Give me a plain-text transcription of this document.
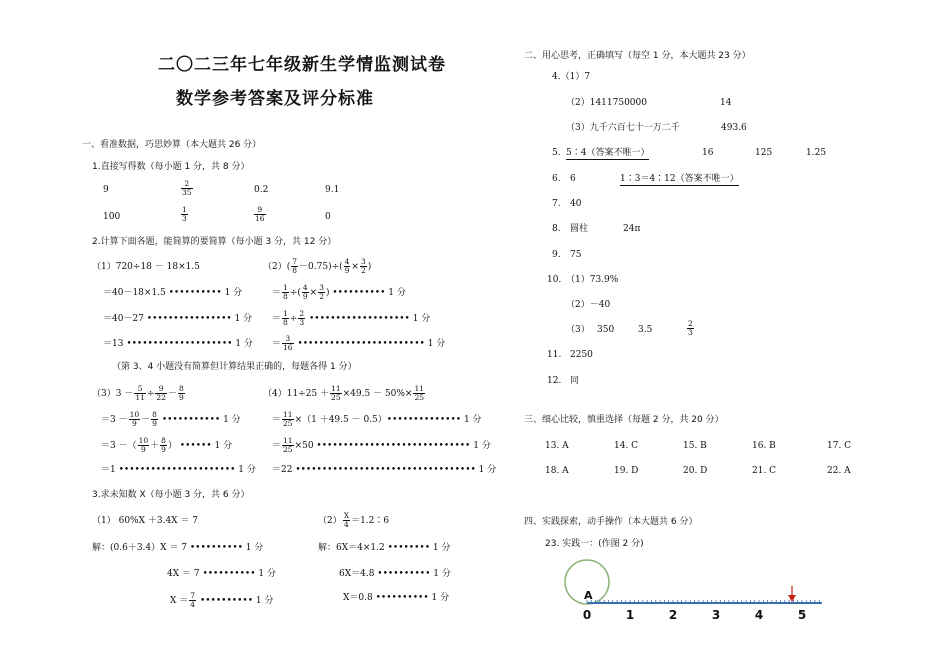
二〇二三年七年级新生学情监测试卷
数学参考答案及评分标准
一、看准数据，巧思妙算（本大题共 26 分）
1.直接写得数（每小题 1 分，共 8 分）
9	$\frac{2}{35}$	0.2	9.1
100	$\frac{1}{3}$	$\frac{9}{16}$	0
2.计算下面各题，能简算的要简算（每小题 3 分，共 12 分）
（1）720÷18 － 18×1.5
＝40－18×1.5 •••••••••• 1 分
＝40－27 •••••••••••••••• 1 分
＝13 •••••••••••••••••••• 1 分
$(2)( \frac{7}{8} -0.75)\div( \frac{4}{9} \times \frac{3}{2}$ )
＝ $\frac{1}{8}$ ÷( $\frac{4}{9} \times \frac{3}{2}$ ) •••••••••• 1 分
＝ $\frac{1}{8} \div \frac{2}{3}$ ••••••••••••••••••• 1 分
＝ $\frac{3}{16}$ •••••••••••••••••••••••• 1 分
（第 3、4 小题没有简算但计算结果正确的，每题各得 1 分）
$(3)3 - \frac{5}{11} \div \frac{9}{22} - \frac{8}{9}$
$=3 - \frac{10}{9} - \frac{8}{9}$ ••••••••••• 1 分
＝3 －（ $\frac{10}{9} + \frac{8}{9}$ ） •••••• 1 分
＝1 •••••••••••••••••••••• 1 分
$(4)11\div 25 + \frac{11}{25} \times 49.5 - 50\%\times \frac{11}{25}$
＝ $\frac{11}{25} \times(1 +49.5$ － 0.5）•••••••••••••• 1 分
＝ $\frac{11}{25} \times 50$ ••••••••••••••••••••••••••••• 1 分
＝22 •••••••••••••••••••••••••••••••••• 1 分
3.求未知数 X（每小题 3 分，共 6 分）
（1） 60%X ＋3.4X ＝ 7
解：(0.6＋3.4）X ＝ 7 •••••••••• 1 分
4X ＝ 7 •••••••••• 1 分
$X = \frac{7}{4}$ •••••••••• 1 分
$(2) \frac{X}{4}$ ＝1.2∶6
解：6X＝4×1.2 •••••••• 1 分
6X＝4.8 •••••••••• 1 分
X＝0.8 •••••••••• 1 分
二、用心思考，正确填写（每空 1 分，本大题共 23 分）
4.（1）7
（2）1411750000	14
（3）九千六百七十一万二千	493.6
5. 5∶4（答案不唯一）	16	125	1.25
6. 6	1∶3＝4∶12（答案不唯一）
7. 40
8. 圆柱	24π
9. 75
10. （1）73.9%
（2）－40
（3） 350	3.5	$\frac{2}{3}$
11. 2250
12. 同
三、细心比较，慎重选择（每题 2 分，共 20 分）
13. A	14. C	15. B	16. B	17. C
18. A	19. D	20. D	21. C	22. A
四、实践探索，动手操作（本大题共 6 分）
23. 实践一：(作图 2 分)
A
0	1	2	3	4	5
